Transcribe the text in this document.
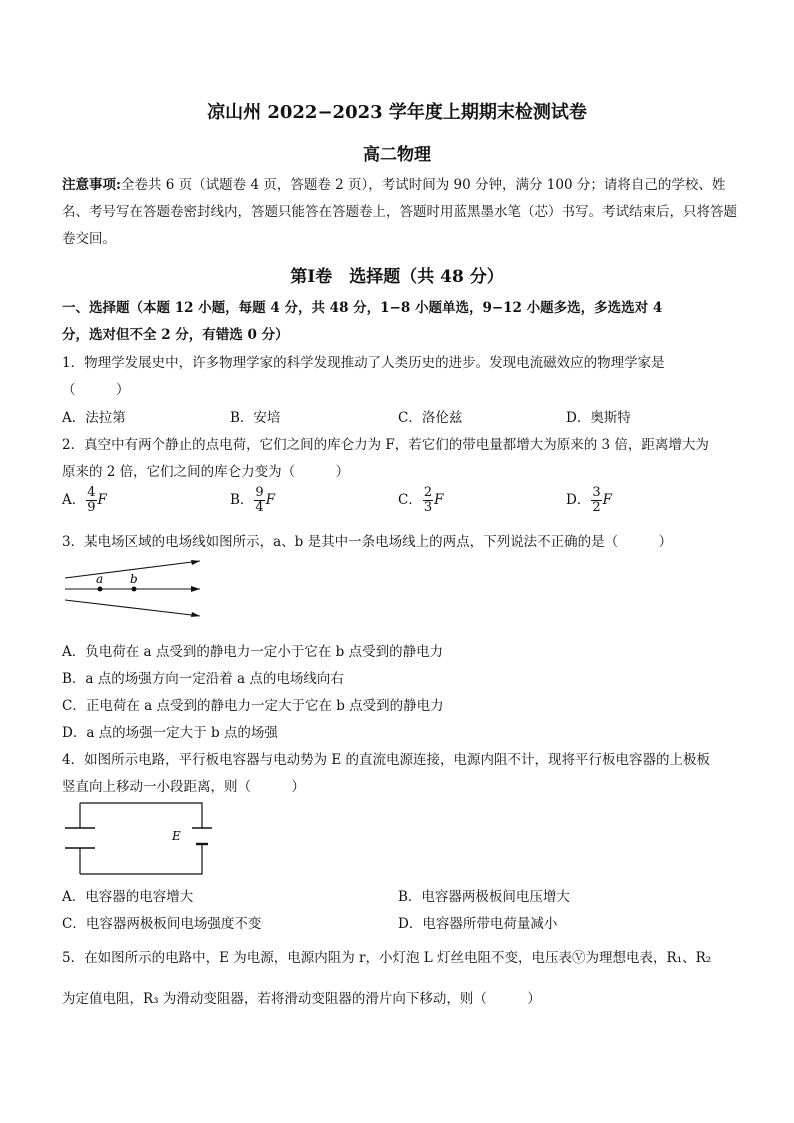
凉山州 2022−2023 学年度上期期末检测试卷
高二物理
注意事项:全卷共 6 页（试题卷 4 页，答题卷 2 页），考试时间为 90 分钟，满分 100 分；请将自己的学校、姓名、考号写在答题卷密封线内，答题只能答在答题卷上，答题时用蓝黑墨水笔（芯）书写。考试结束后，只将答题卷交回。
第Ⅰ卷　选择题（共 48 分）
一、选择题（本题 12 小题，每题 4 分，共 48 分，1−8 小题单选，9−12 小题多选，多选选对 4
分，选对但不全 2 分，有错选 0 分）
1．物理学发展史中，许多物理学家的科学发现推动了人类历史的进步。发现电流磁效应的物理学家是
（　　　）
A．法拉第	B．安培	C．洛伦兹	D．奥斯特
2．真空中有两个静止的点电荷，它们之间的库仑力为 F，若它们的带电量都增大为原来的 3 倍，距离增大为
原来的 2 倍，它们之间的库仑力变为（　　　）
A． $\frac{4}{9}$ F	B． $\frac{9}{4}$ F	C． $\frac{2}{3}$ F	D． $\frac{3}{2}$ F
3．某电场区域的电场线如图所示，a、b 是其中一条电场线上的两点，下列说法不正确的是（　　　）
a b
A．负电荷在 a 点受到的静电力一定小于它在 b 点受到的静电力
B．a 点的场强方向一定沿着 a 点的电场线向右
C．正电荷在 a 点受到的静电力一定大于它在 b 点受到的静电力
D．a 点的场强一定大于 b 点的场强
4．如图所示电路，平行板电容器与电动势为 E 的直流电源连接，电源内阻不计，现将平行板电容器的上极板
竖直向上移动一小段距离，则（　　　）
E
A．电容器的电容增大	B．电容器两极板间电压增大
C．电容器两极板间电场强度不变	D．电容器所带电荷量减小
5．在如图所示的电路中，E 为电源，电源内阻为 r，小灯泡 L 灯丝电阻不变，电压表Ⓥ为理想电表，R₁、R₂
为定值电阻，R₃ 为滑动变阻器，若将滑动变阻器的滑片向下移动，则（　　　）
